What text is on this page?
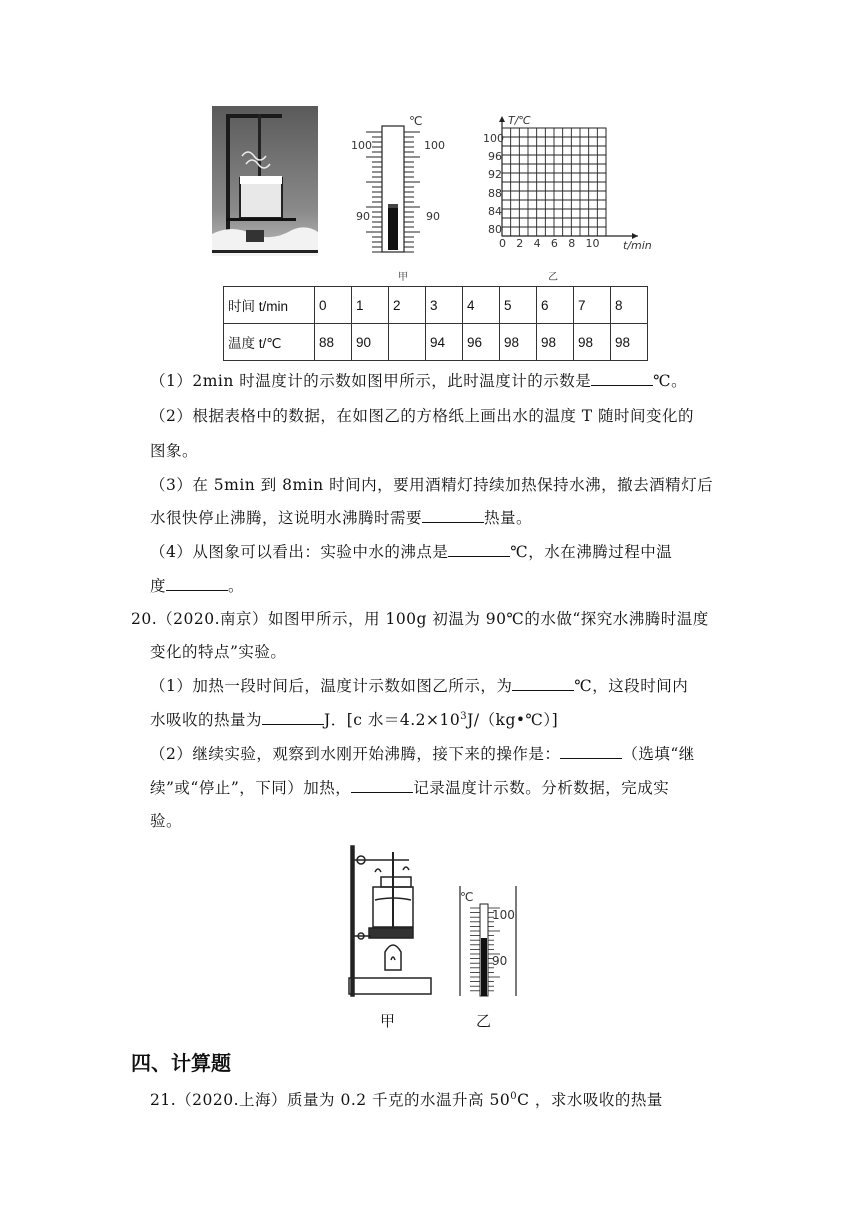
℃
100	100
90	90
T/℃
t/min
100
96
92
88
84
80
0 2 4 6 8 10
甲	乙
时间 t/min	0	1	2	3	4	5	6	7	8
温度 t/℃	88	90		94	96	98	98	98	98
（1）2min 时温度计的示数如图甲所示，此时温度计的示数是	℃。
（2）根据表格中的数据，在如图乙的方格纸上画出水的温度 T 随时间变化的
图象。
（3）在 5min 到 8min 时间内，要用酒精灯持续加热保持水沸，撤去酒精灯后
水很快停止沸腾，这说明水沸腾时需要	热量。
（4）从图象可以看出：实验中水的沸点是	℃，水在沸腾过程中温
度	。
20.（2020.南京）如图甲所示，用 100g 初温为 90℃的水做“探究水沸腾时温度
变化的特点”实验。
（1）加热一段时间后，温度计示数如图乙所示，为	℃，这段时间内
水吸收的热量为	J．[c 水$=4.2\times 10^3J/(kg•℃)$]
（2）继续实验，观察到水刚开始沸腾，接下来的操作是：	（选填“继
续”或“停止”，下同）加热，	记录温度计示数。分析数据，完成实
验。
℃
100
90
甲	乙
四、计算题
21.（2020.上海）质量为 0.2 千克的水温升高 $50^0C$ ，求水吸收的热量
